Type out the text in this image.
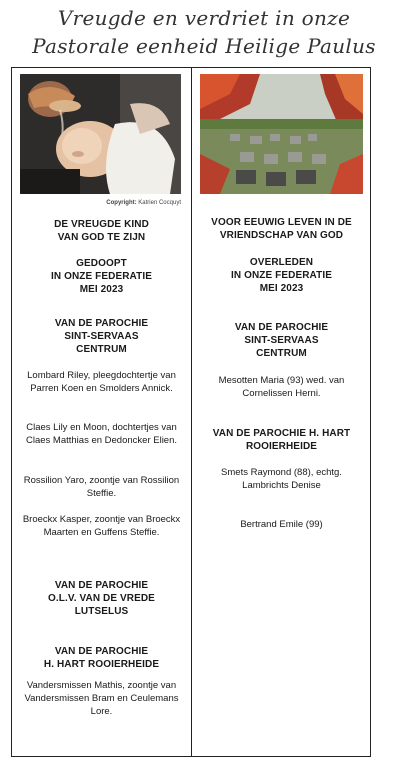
Vreugde en verdriet in onze
Pastorale eenheid Heilige Paulus
Copyright: Katrien Cocquyt
DE VREUGDE KIND
VAN GOD TE ZIJN
GEDOOPT
IN ONZE FEDERATIE
MEI 2023
VAN DE PAROCHIE
SINT-SERVAAS
CENTRUM
Lombard Riley, pleegdochtertje van Parren Koen en Smolders Annick.
Claes Lily en Moon, dochtertjes van Claes Matthias en Dedoncker Elien.
Rossilion Yaro, zoontje van Rossilion Steffie.
Broeckx Kasper, zoontje van Broeckx Maarten en Guffens Steffie.
VAN DE PAROCHIE
O.L.V. VAN DE VREDE
LUTSELUS
VAN DE PAROCHIE
H. HART ROOIERHEIDE
Vandersmissen Mathis, zoontje van Vandersmissen Bram en Ceulemans Lore.
VOOR EEUWIG LEVEN IN DE
VRIENDSCHAP VAN GOD
OVERLEDEN
IN ONZE FEDERATIE
MEI 2023
VAN DE PAROCHIE
SINT-SERVAAS
CENTRUM
Mesotten Maria (93) wed. van Cornelissen Herni.
VAN DE PAROCHIE H. HART
ROOIERHEIDE
Smets Raymond (88), echtg. Lambrichts Denise
Bertrand Emile (99)
